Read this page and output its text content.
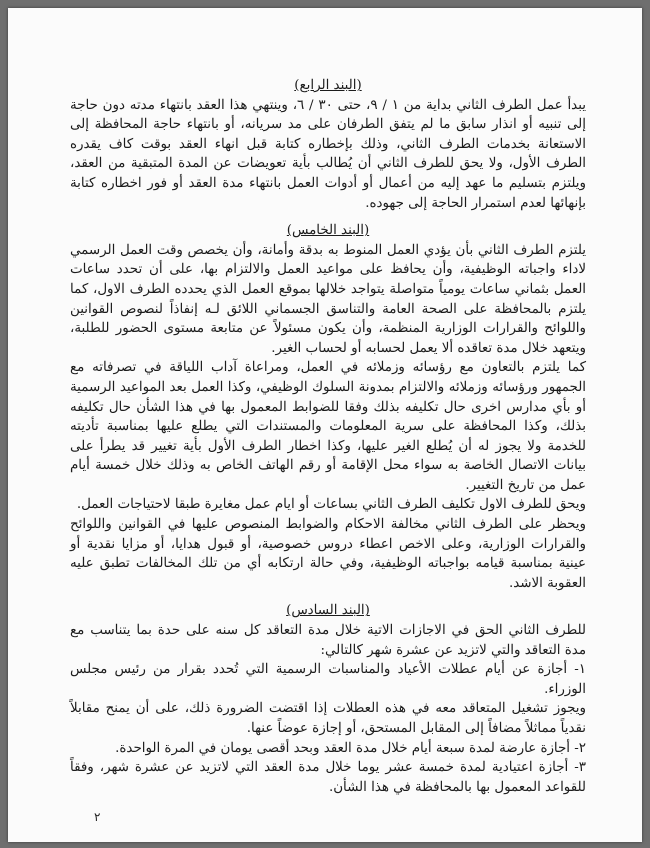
(البند الرابع)

يبدأ عمل الطرف الثاني بداية من ١ / ٩، حتى ٣٠ / ٦، وينتهي هذا العقد بانتهاء مدته دون حاجة إلى تنبيه أو انذار سابق ما لم يتفق الطرفان على مد سريانه، أو بانتهاء حاجة المحافظة إلى الاستعانة بخدمات الطرف الثاني، وذلك بإخطاره كتابة قبل انهاء العقد بوقت كاف يقدره الطرف الأول، ولا يحق للطرف الثاني أن يُطالب بأية تعويضات عن المدة المتبقية من العقد، ويلتزم بتسليم ما عهد إليه من أعمال أو أدوات العمل بانتهاء مدة العقد أو فور اخطاره كتابة بإنهائها لعدم استمرار الحاجة إلى جهوده.

(البند الخامس)

يلتزم الطرف الثاني بأن يؤدي العمل المنوط به بدقة وأمانة، وأن يخصص وقت العمل الرسمي لاداء واجباته الوظيفية، وأن يحافظ على مواعيد العمل والالتزام بها، على أن تحدد ساعات العمل بثماني ساعات يومياً متواصلة يتواجد خلالها بموقع العمل الذي يحدده الطرف الاول، كما يلتزم بالمحافظة على الصحة العامة والتناسق الجسماني اللائق لـه إنفاذاً لنصوص القوانين واللوائح والقرارات الوزارية المنظمة، وأن يكون مسئولاً عن متابعة مستوى الحضور للطلبة، ويتعهد خلال مدة تعاقده ألا يعمل لحسابه أو لحساب الغير.

كما يلتزم بالتعاون مع رؤسائه وزملائه في العمل، ومراعاة آداب اللياقة في تصرفاته مع الجمهور ورؤسائه وزملائه والالتزام بمدونة السلوك الوظيفي، وكذا العمل بعد المواعيد الرسمية أو بأي مدارس اخرى حال تكليفه بذلك وفقا للضوابط المعمول بها في هذا الشأن حال تكليفه بذلك، وكذا المحافظة على سرية المعلومات والمستندات التي يطلع عليها بمناسبة تأديته للخدمة ولا يجوز له أن يُطلع الغير عليها، وكذا اخطار الطرف الأول بأية تغيير قد يطرأ على بيانات الاتصال الخاصة به سواء محل الإقامة أو رقم الهاتف الخاص به وذلك خلال خمسة أيام عمل من تاريخ التغيير.

ويحق للطرف الاول تكليف الطرف الثاني بساعات أو ايام عمل مغايرة طبقا لاحتياجات العمل.

ويحظر على الطرف الثاني مخالفة الاحكام والضوابط المنصوص عليها في القوانين واللوائح والقرارات الوزارية، وعلى الاخص اعطاء دروس خصوصية، أو قبول هدايا، أو مزايا نقدية أو عينية بمناسبة قيامه بواجباته الوظيفية، وفي حالة ارتكابه أي من تلك المخالفات تطبق عليه العقوبة الاشد.

(البند السادس)

للطرف الثاني الحق في الاجازات الاتية خلال مدة التعاقد كل سنه على حدة بما يتناسب مع مدة التعاقد والتي لاتزيد عن عشرة شهر كالتالي:

١- أجازة عن أيام عطلات الأعياد والمناسبات الرسمية التي تُحدد بقرار من رئيس مجلس الوزراء.

ويجوز تشغيل المتعاقد معه في هذه العطلات إذا اقتضت الضرورة ذلك، على أن يمنح مقابلاً نقدياً مماثلاً مضافاً إلى المقابل المستحق، أو إجازة عوضاً عنها.

٢- أجازة عارضة لمدة سبعة أيام خلال مدة العقد وبحد أقصى يومان في المرة الواحدة.

٣- أجازة اعتيادية لمدة خمسة عشر يوما خلال مدة العقد التي لاتزيد عن عشرة شهر، وفقاً للقواعد المعمول بها بالمحافظة في هذا الشأن.

٢
